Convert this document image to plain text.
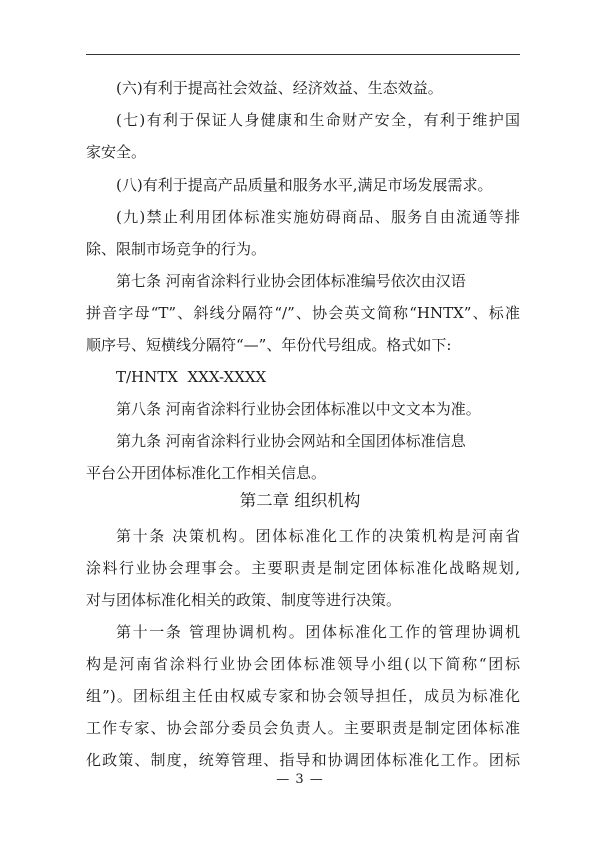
(六)有利于提高社会效益、经济效益、生态效益。
(七)有利于保证人身健康和生命财产安全，有利于维护国
家安全。
(八)有利于提高产品质量和服务水平,满足市场发展需求。
(九)禁止利用团体标准实施妨碍商品、服务自由流通等排
除、限制市场竞争的行为。
第七条 河南省涂料行业协会团体标准编号依次由汉语
拼音字母“T”、斜线分隔符“/”、协会英文简称“HNTX”、标准
顺序号、短横线分隔符“—”、年份代号组成。格式如下:
T/HNTX  XXX-XXXX
第八条 河南省涂料行业协会团体标准以中文文本为准。
第九条 河南省涂料行业协会网站和全国团体标准信息
平台公开团体标准化工作相关信息。
第二章 组织机构
第十条 决策机构。团体标准化工作的决策机构是河南省
涂料行业协会理事会。主要职责是制定团体标准化战略规划,
对与团体标准化相关的政策、制度等进行决策。
第十一条 管理协调机构。团体标准化工作的管理协调机
构是河南省涂料行业协会团体标准领导小组(以下简称“团标
组”)。团标组主任由权威专家和协会领导担任，成员为标准化
工作专家、协会部分委员会负责人。主要职责是制定团体标准
化政策、制度，统筹管理、指导和协调团体标准化工作。团标
— 3 —
